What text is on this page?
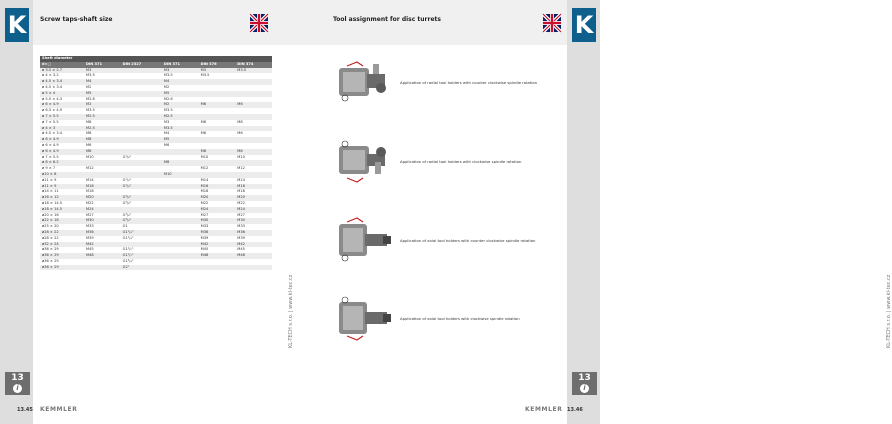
K
13
i
Screw taps-shaft size
Shaft diameter					
d×□	DIN 371	DIN 2327	DIN 371	DIN 376	DIN 374
ø 3.5 × 2.7	M3		M3	M3	M3.5
ø 4 × 3.2	M3.5		M3.5	M3.5	
ø 4.5 × 3.4	M4		M4		
ø 4.5 × 3.4	M2		M2		
ø 5 × 4	M5		M5		
ø 5.5 × 4.3	M2.6		M2.6		
ø 6 × 4.9	M2		M2	M6	M6
ø 6.3 × 4.9	M3.5		M3.5		
ø 7 × 5.5	M2.5		M2.5		
ø 7 × 5.5	M8		M3	M8	M8
ø 4 × 3	M2.5		M3.5		
ø 4.5 × 3.4	M8		M4	M6	M6
ø 6 × 4.9	M8		M5		
ø 6 × 4.9	M6		M6		
ø 6 × 4.9	M8			M8	M8
ø 7 × 5.5	M10	G¹/₈"		M10	M10
ø 8 × 6.2			M8		
ø 9 × 7	M12			M12	M12
ø10 × 8			M10		
ø11 × 9	M14	G¹/₄"		M14	M14
ø11 × 9	M16	G¹/₄"		M16	M16
ø14 × 11	M18			M18	M18
ø16 × 12	M20	G³/₈"		M20	M20
ø18 × 14.5	M22	G³/₈"		M22	M22
ø18 × 14.5	M24			M24	M24
ø20 × 16	M27	G³/₄"		M27	M27
ø22 × 18	M30	G³/₄"		M30	M30
ø25 × 20	M33	G1		M33	M33
ø28 × 22	M36	G1¹/₄"		M36	M36
ø28 × 22	M39	G1¹/₄"		M39	M39
ø32 × 24	M42			M42	M42
ø36 × 29	M45	G1¹/₂"		M45	M45
ø36 × 29	M48	G1¹/₂"		M48	M48
ø36 × 29		G1³/₄"			
ø36 × 29		G2"			
KL-TECH s.r.o. | www.kl-tec.cz
13.45 KEMMLER
K
13
i
Tool assignment for disc turrets
KL-TECH s.r.o. | www.kl-tec.cz
13.46
KEMMLER
Application of radial tool holders with counter clockwise spindle rotation
Application of radial tool holders with clockwise spindle rotation
Application of axial tool holders with counter clockwise spindle rotation
Application of axial tool holders with clockwise spindle rotation
